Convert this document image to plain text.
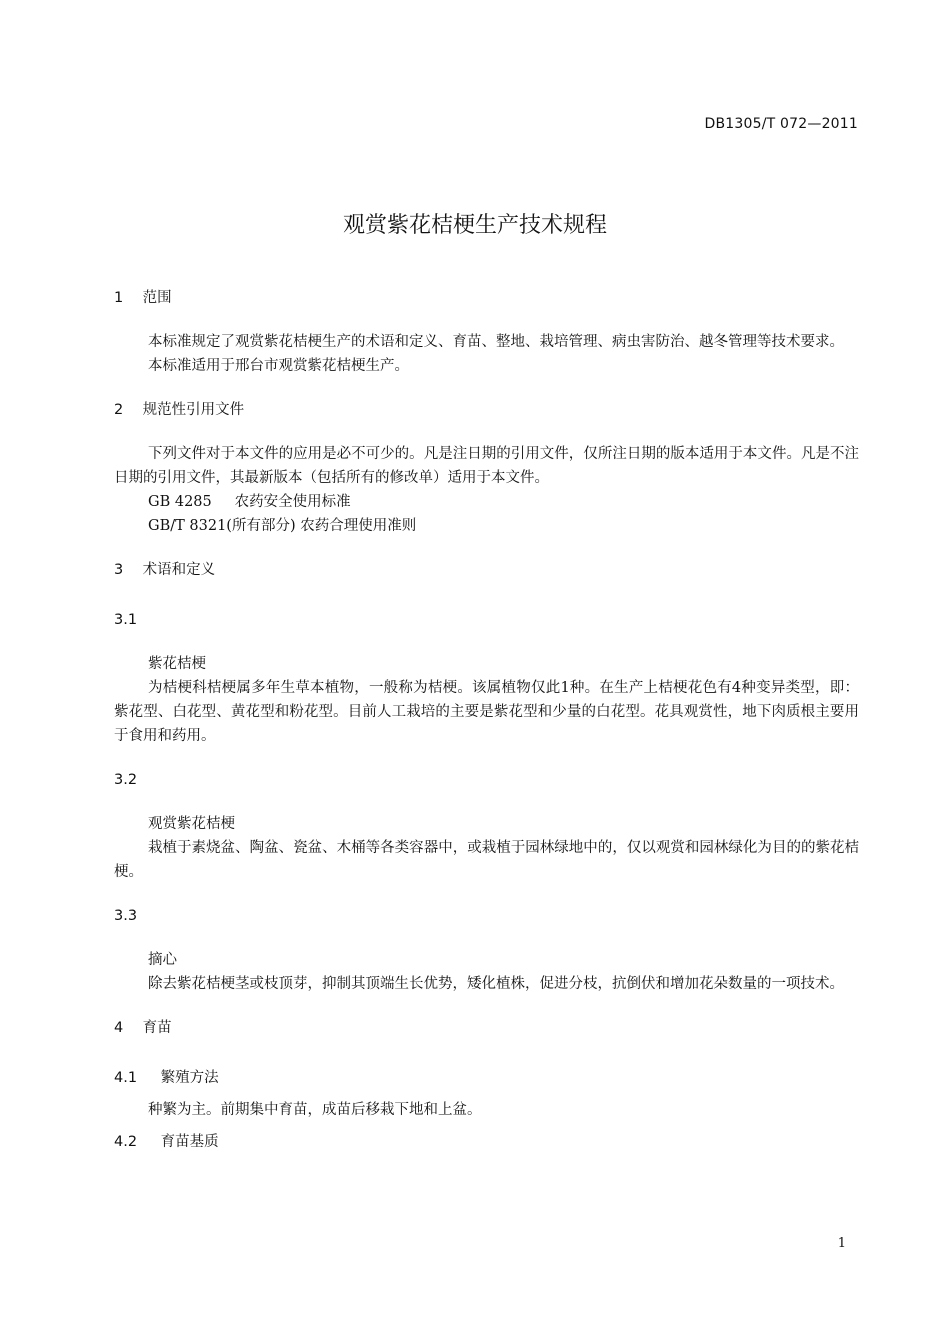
DB1305/T 072—2011
观赏紫花桔梗生产技术规程
1 范围

本标准规定了观赏紫花桔梗生产的术语和定义、育苗、整地、栽培管理、病虫害防治、越冬管理等技术要求。

本标准适用于邢台市观赏紫花桔梗生产。

2 规范性引用文件

下列文件对于本文件的应用是必不可少的。凡是注日期的引用文件，仅所注日期的版本适用于本文件。凡是不注日期的引用文件，其最新版本（包括所有的修改单）适用于本文件。

GB 4285 农药安全使用标准

GB/T 8321(所有部分) 农药合理使用准则

3 术语和定义
3.1

紫花桔梗

为桔梗科桔梗属多年生草本植物，一般称为桔梗。该属植物仅此1种。在生产上桔梗花色有4种变异类型，即：紫花型、白花型、黄花型和粉花型。目前人工栽培的主要是紫花型和少量的白花型。花具观赏性，地下肉质根主要用于食用和药用。

3.2

观赏紫花桔梗

栽植于素烧盆、陶盆、瓷盆、木桶等各类容器中，或栽植于园林绿地中的，仅以观赏和园林绿化为目的的紫花桔梗。

3.3

摘心

除去紫花桔梗茎或枝顶芽，抑制其顶端生长优势，矮化植株，促进分枝，抗倒伏和增加花朵数量的一项技术。

4 育苗
4.1 繁殖方法

种繁为主。前期集中育苗，成苗后移栽下地和上盆。

4.2 育苗基质
1
